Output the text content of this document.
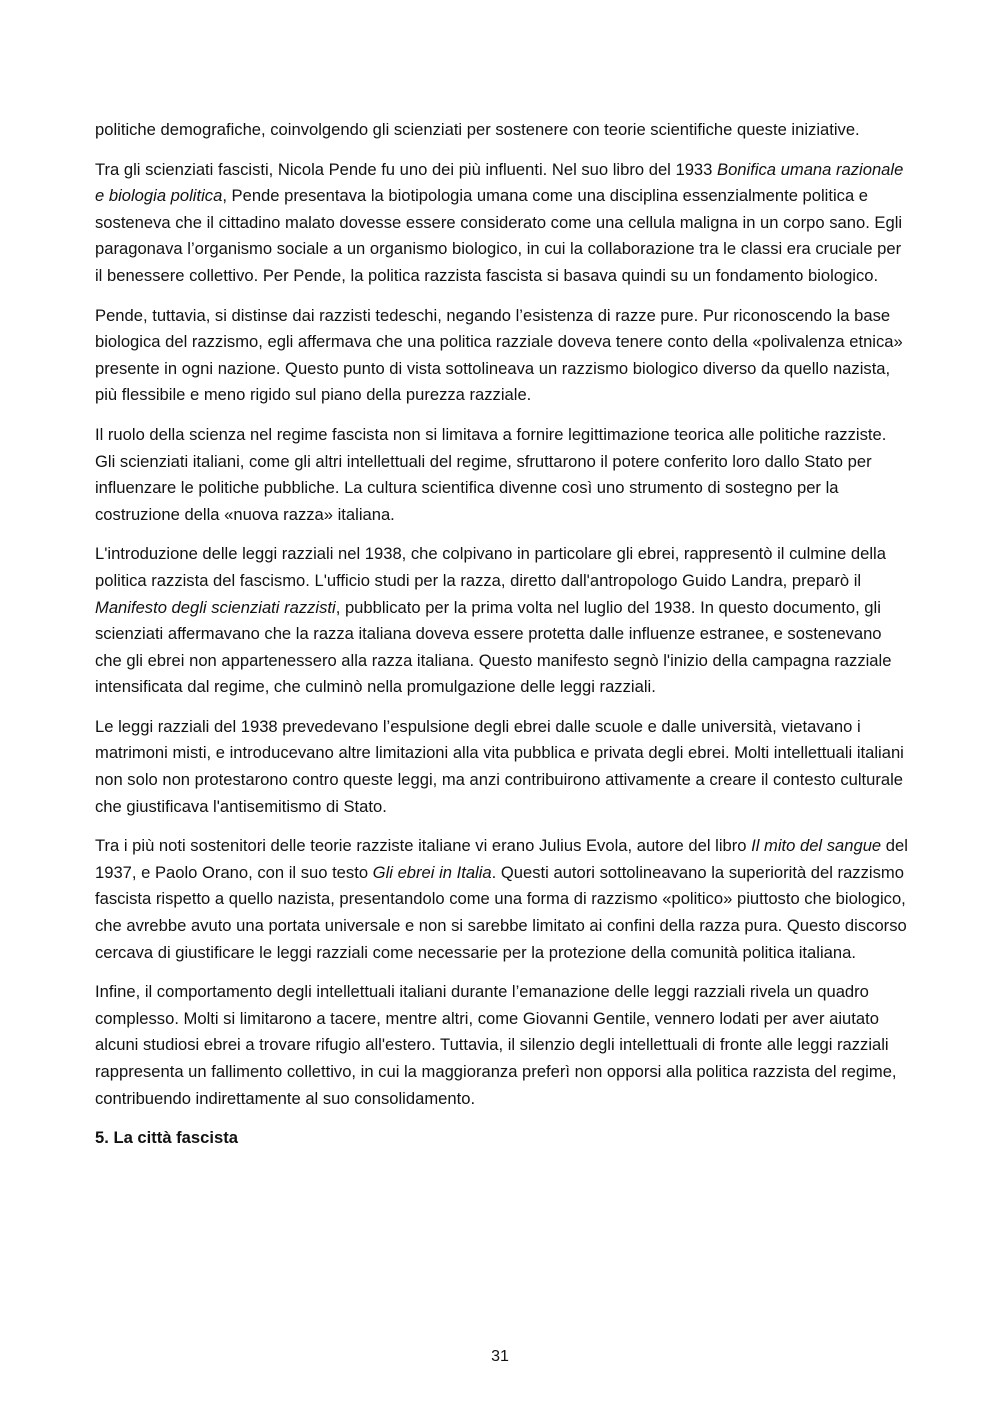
politiche demografiche, coinvolgendo gli scienziati per sostenere con teorie scientifiche queste iniziative.

Tra gli scienziati fascisti, Nicola Pende fu uno dei più influenti. Nel suo libro del 1933 Bonifica umana razionale e biologia politica, Pende presentava la biotipologia umana come una disciplina essenzialmente politica e sosteneva che il cittadino malato dovesse essere considerato come una cellula maligna in un corpo sano. Egli paragonava l’organismo sociale a un organismo biologico, in cui la collaborazione tra le classi era cruciale per il benessere collettivo. Per Pende, la politica razzista fascista si basava quindi su un fondamento biologico.

Pende, tuttavia, si distinse dai razzisti tedeschi, negando l’esistenza di razze pure. Pur riconoscendo la base biologica del razzismo, egli affermava che una politica razziale doveva tenere conto della «polivalenza etnica» presente in ogni nazione. Questo punto di vista sottolineava un razzismo biologico diverso da quello nazista, più flessibile e meno rigido sul piano della purezza razziale.

Il ruolo della scienza nel regime fascista non si limitava a fornire legittimazione teorica alle politiche razziste. Gli scienziati italiani, come gli altri intellettuali del regime, sfruttarono il potere conferito loro dallo Stato per influenzare le politiche pubbliche. La cultura scientifica divenne così uno strumento di sostegno per la costruzione della «nuova razza» italiana.

L'introduzione delle leggi razziali nel 1938, che colpivano in particolare gli ebrei, rappresentò il culmine della politica razzista del fascismo. L'ufficio studi per la razza, diretto dall'antropologo Guido Landra, preparò il Manifesto degli scienziati razzisti, pubblicato per la prima volta nel luglio del 1938. In questo documento, gli scienziati affermavano che la razza italiana doveva essere protetta dalle influenze estranee, e sostenevano che gli ebrei non appartenessero alla razza italiana. Questo manifesto segnò l'inizio della campagna razziale intensificata dal regime, che culminò nella promulgazione delle leggi razziali.

Le leggi razziali del 1938 prevedevano l’espulsione degli ebrei dalle scuole e dalle università, vietavano i matrimoni misti, e introducevano altre limitazioni alla vita pubblica e privata degli ebrei. Molti intellettuali italiani non solo non protestarono contro queste leggi, ma anzi contribuirono attivamente a creare il contesto culturale che giustificava l'antisemitismo di Stato.

Tra i più noti sostenitori delle teorie razziste italiane vi erano Julius Evola, autore del libro Il mito del sangue del 1937, e Paolo Orano, con il suo testo Gli ebrei in Italia. Questi autori sottolineavano la superiorità del razzismo fascista rispetto a quello nazista, presentandolo come una forma di razzismo «politico» piuttosto che biologico, che avrebbe avuto una portata universale e non si sarebbe limitato ai confini della razza pura. Questo discorso cercava di giustificare le leggi razziali come necessarie per la protezione della comunità politica italiana.

Infine, il comportamento degli intellettuali italiani durante l’emanazione delle leggi razziali rivela un quadro complesso. Molti si limitarono a tacere, mentre altri, come Giovanni Gentile, vennero lodati per aver aiutato alcuni studiosi ebrei a trovare rifugio all'estero. Tuttavia, il silenzio degli intellettuali di fronte alle leggi razziali rappresenta un fallimento collettivo, in cui la maggioranza preferì non opporsi alla politica razzista del regime, contribuendo indirettamente al suo consolidamento.

5. La città fascista

31
